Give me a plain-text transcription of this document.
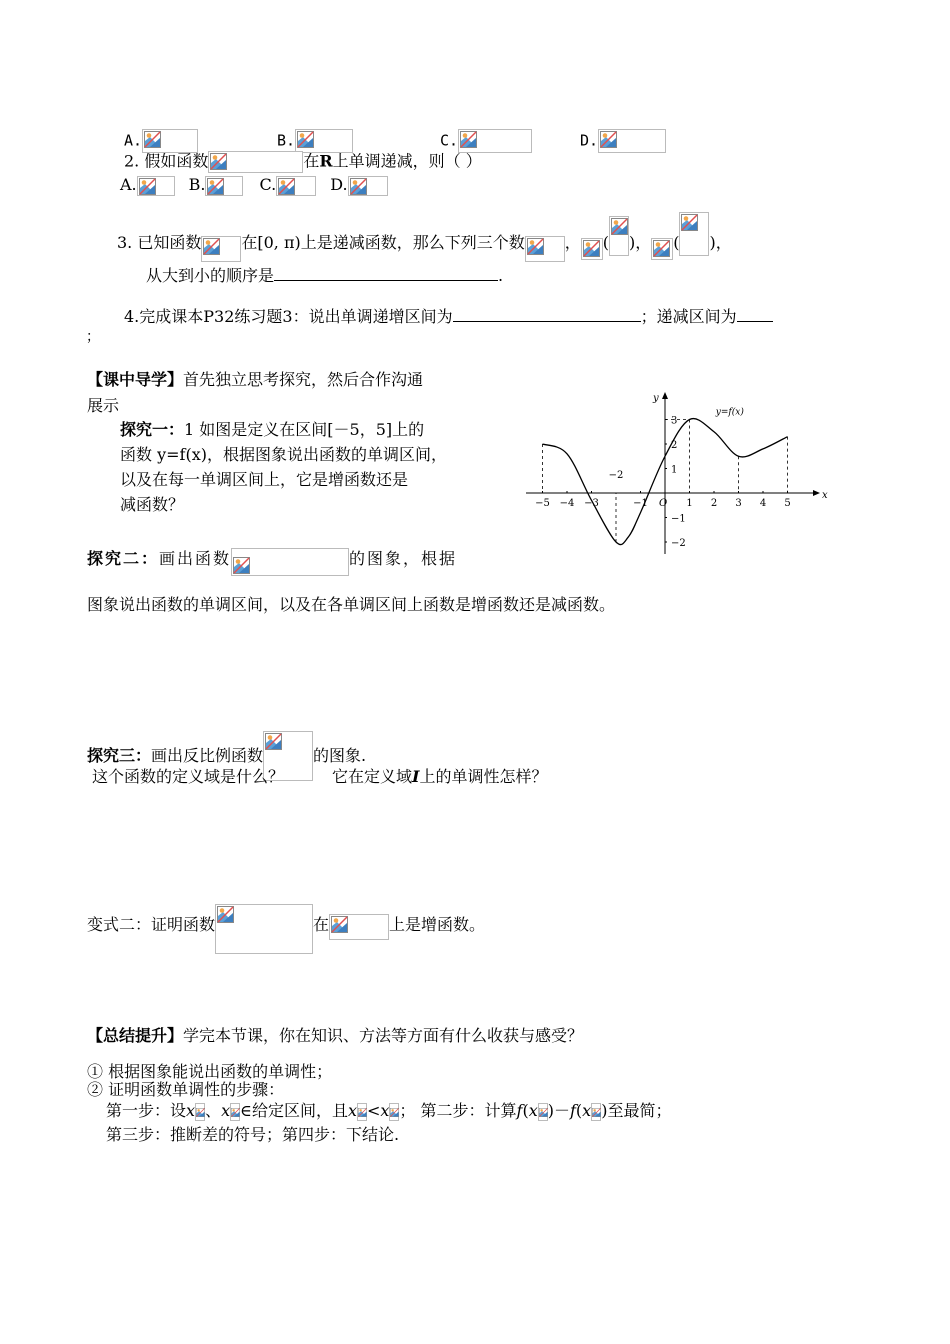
A.	B.	C.	D.
2. 假如函数	在R上单调递减，则（ ）
A.	B.	C.	D.
3. 已知函数	在[0, π)上是递减函数，那么下列三个数	， ( )， ( )，
从大到小的顺序是	.
4.完成课本P32练习题3：说出单调递增区间为	；递减区间为
；
【课中导学】首先独立思考探究，然后合作沟通
展示
探究一：1 如图是定义在区间[－5，5]上的
函数 y=f(x)，根据图象说出函数的单调区间，
以及在每一单调区间上，它是增函数还是
减函数？	x
y
−5 −4 −3	−1 O 1 2 3 4 5
−2
3
2
1
−1
−2
y=f(x)
探究二：画出函数	的图象，根据
图象说出函数的单调区间，以及在各单调区间上函数是增函数还是减函数。
探究三：画出反比例函数	的图象.
这个函数的定义域是什么？	它在定义域I上的单调性怎样？
变式二：证明函数	在	上是增函数。
【总结提升】学完本节课，你在知识、方法等方面有什么收获与感受？
① 根据图象能说出函数的单调性；
② 证明函数单调性的步骤：
第一步：设x 、x ∈给定区间，且x <x ； 第二步：计算f(x )－f(x )至最简；
第三步：推断差的符号；第四步：下结论.
